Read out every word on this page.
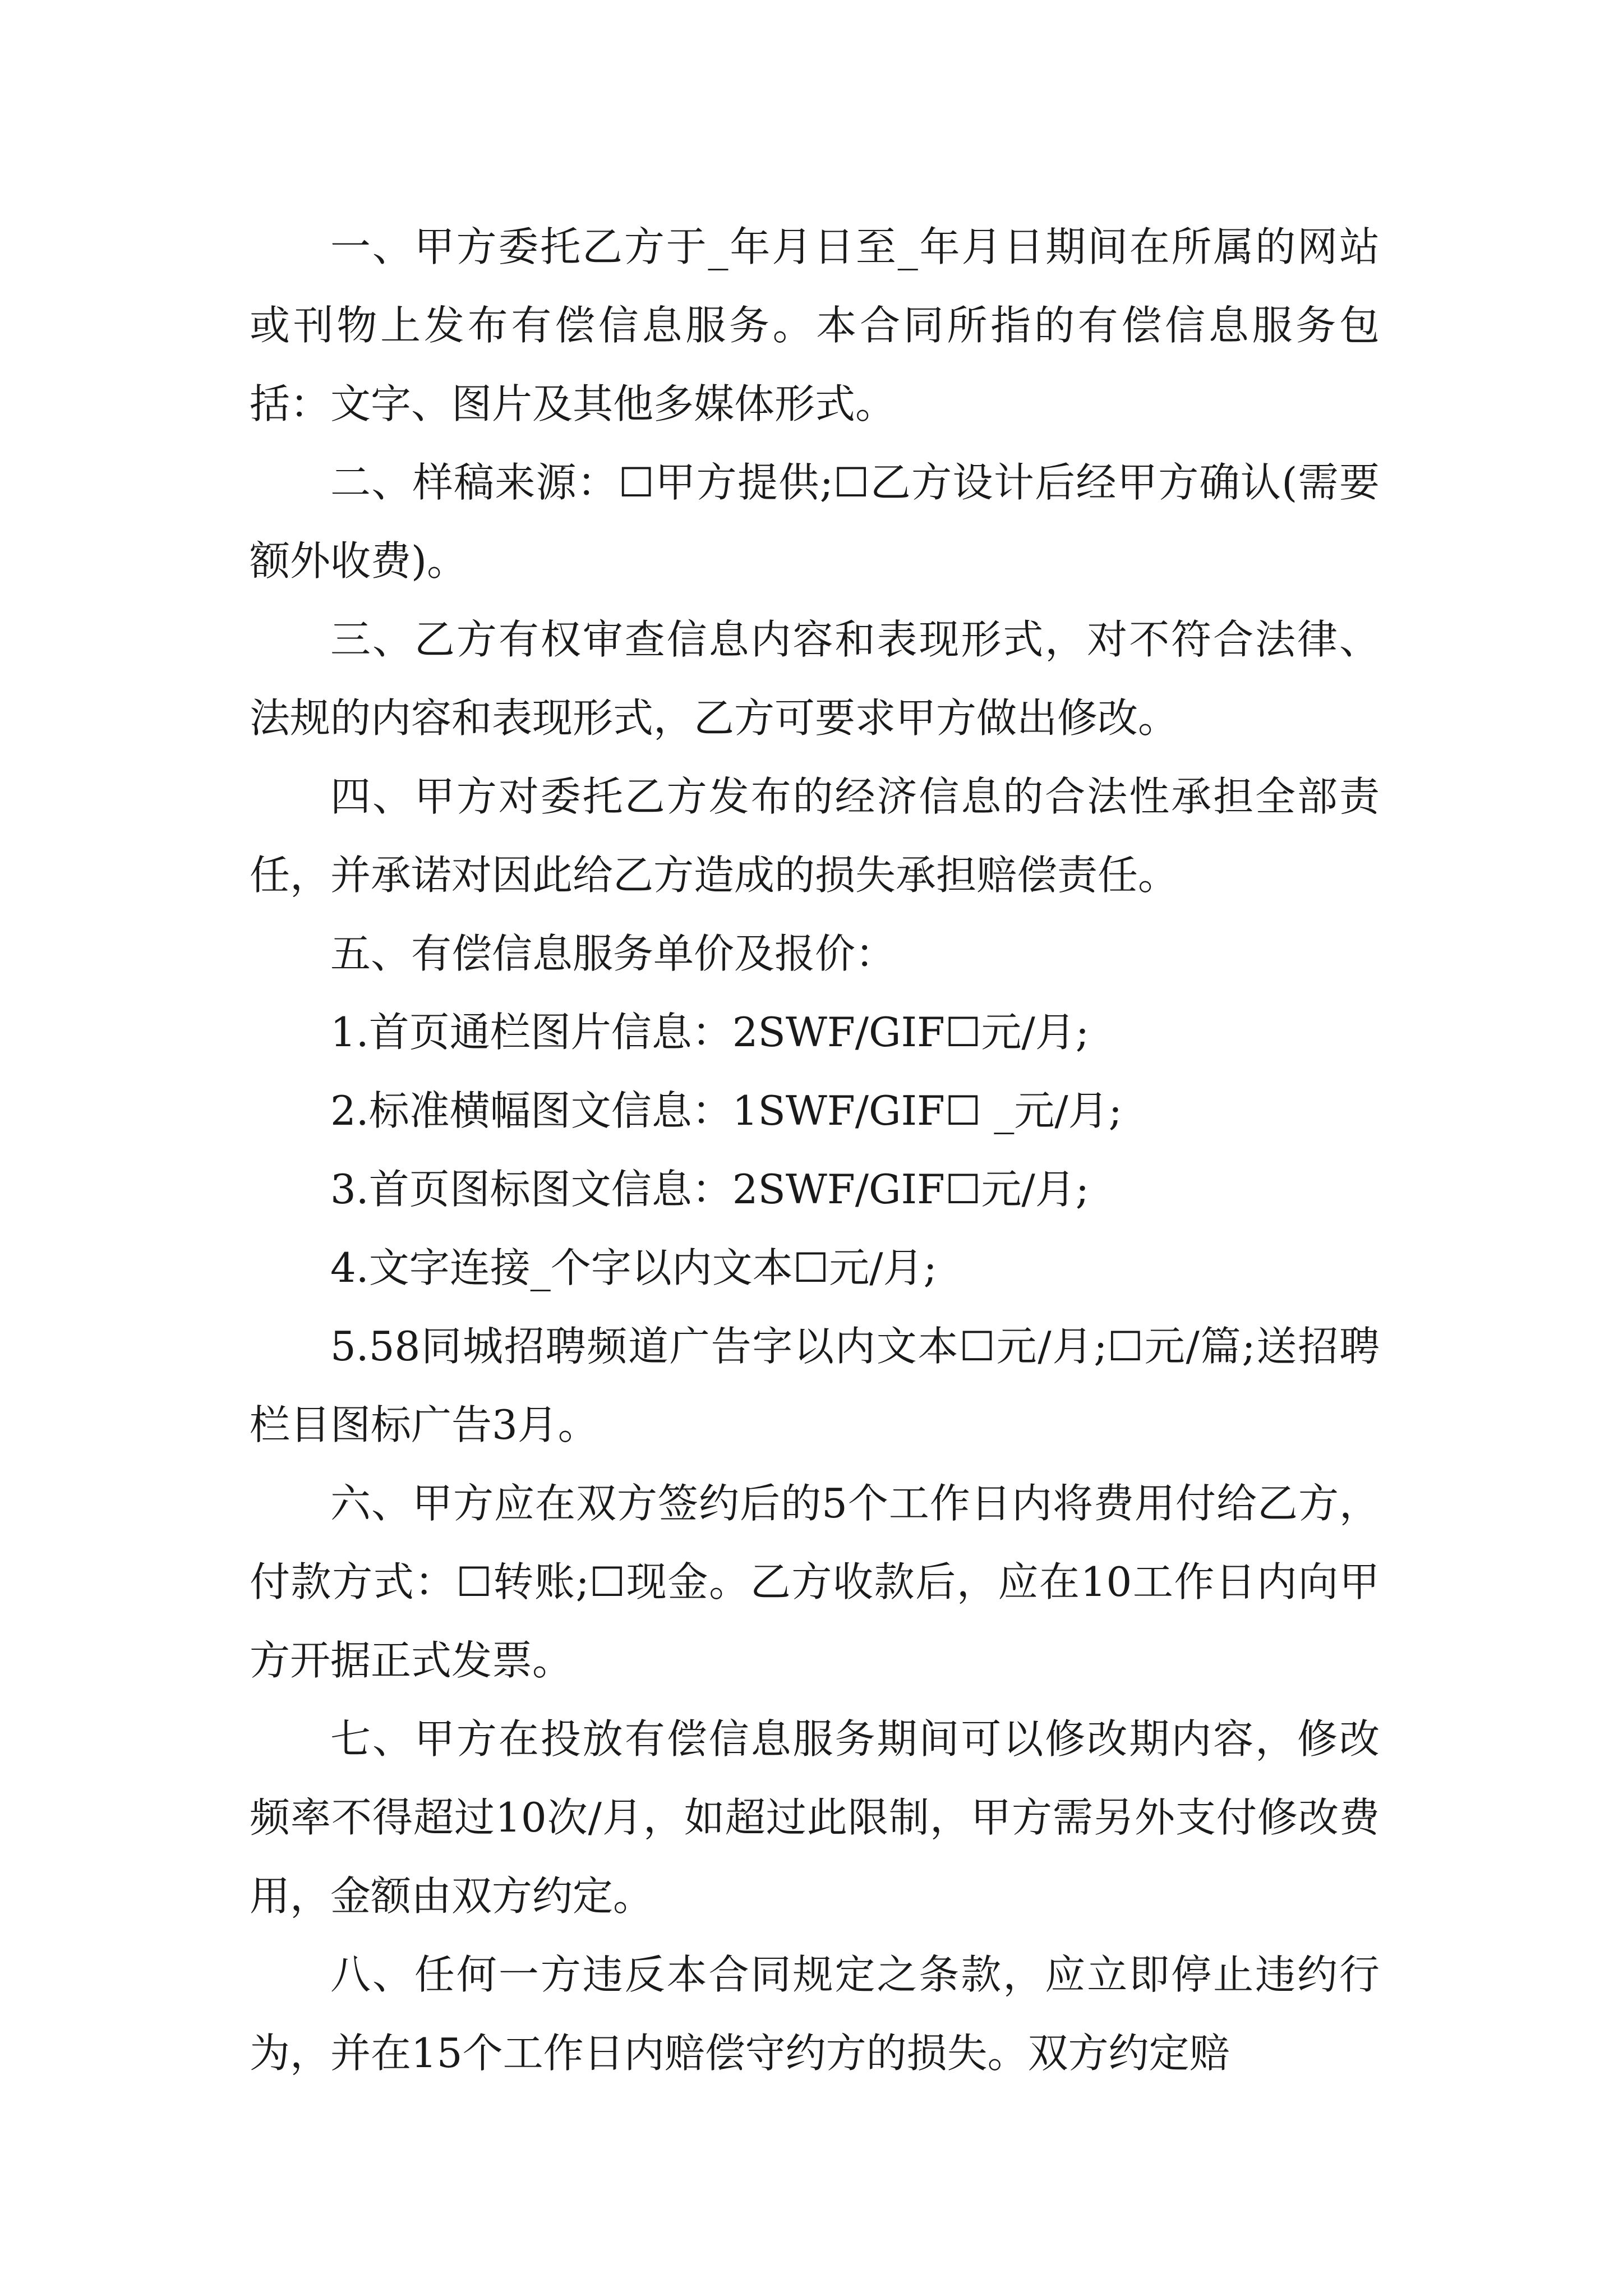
一、甲方委托乙方于_年月日至_年月日期间在所属的网站或刊物上发布有偿信息服务。本合同所指的有偿信息服务包括：文字、图片及其他多媒体形式。

二、样稿来源：☐甲方提供;☐乙方设计后经甲方确认(需要额外收费)。

三、乙方有权审查信息内容和表现形式，对不符合法律、法规的内容和表现形式，乙方可要求甲方做出修改。

四、甲方对委托乙方发布的经济信息的合法性承担全部责任，并承诺对因此给乙方造成的损失承担赔偿责任。

五、有偿信息服务单价及报价：

1.首页通栏图片信息：2SWF/GIF☐元/月;

2.标准横幅图文信息：1SWF/GIF☐ _元/月;

3.首页图标图文信息：2SWF/GIF☐元/月;

4.文字连接_个字以内文本☐元/月;

5.58同城招聘频道广告字以内文本☐元/月;☐元/篇;送招聘栏目图标广告3月。

六、甲方应在双方签约后的5个工作日内将费用付给乙方，付款方式：☐转账;☐现金。乙方收款后，应在10工作日内向甲方开据正式发票。

七、甲方在投放有偿信息服务期间可以修改期内容，修改频率不得超过10次/月，如超过此限制，甲方需另外支付修改费用，金额由双方约定。

八、任何一方违反本合同规定之条款，应立即停止违约行为，并在15个工作日内赔偿守约方的损失。双方约定赔
